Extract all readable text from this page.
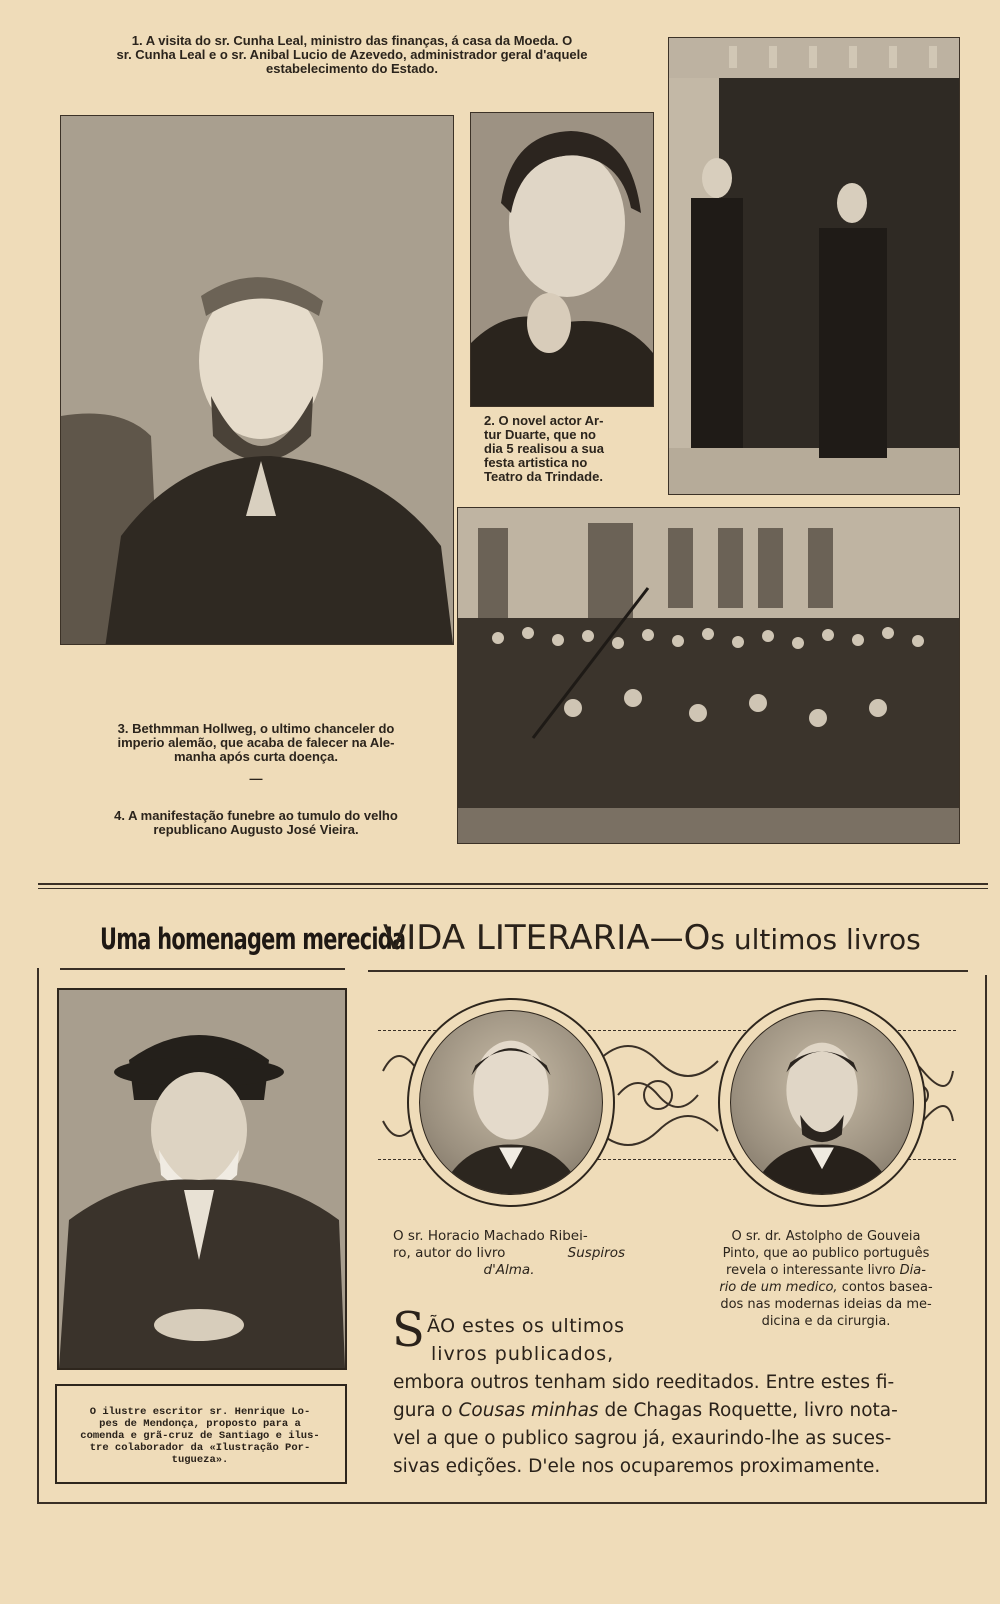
1. A visita do sr. Cunha Leal, ministro das finanças, á casa da Moeda. O
sr. Cunha Leal e o sr. Anibal Lucio de Azevedo, administrador geral d'aquele
estabelecimento do Estado.
2. O novel actor Ar-
tur Duarte, que no
dia 5 realisou a sua
festa artistica no
Teatro da Trindade.
3. Bethmman Hollweg, o ultimo chanceler do
imperio alemão, que acaba de falecer na Ale-
manha após curta doença.
—
4. A manifestação funebre ao tumulo do velho
republicano Augusto José Vieira.
Uma homenagem merecida
O ilustre escritor sr. Henrique Lo-
pes de Mendonça, proposto para a
comenda e grã-cruz de Santiago e ilus-
tre colaborador da «Ilustração Por-
tugueza».
VIDA LITERARIA—Os ultimos livros
O sr. Horacio Machado Ribei-
ro, autor do livro	Suspiros
d'Alma.
O sr. dr. Astolpho de Gouveia
Pinto, que ao publico português
revela o interessante livro Dia-
rio de um medico, contos basea-
dos nas modernas ideias da me-
dicina e da cirurgia.
S ÃO estes os ultimos
livros publicados,
embora outros tenham sido reeditados. Entre estes fi-
gura o Cousas minhas de Chagas Roquette, livro nota-
vel a que o publico sagrou já, exaurindo-lhe as suces-
sivas edições. D'ele nos ocuparemos proximamente.
